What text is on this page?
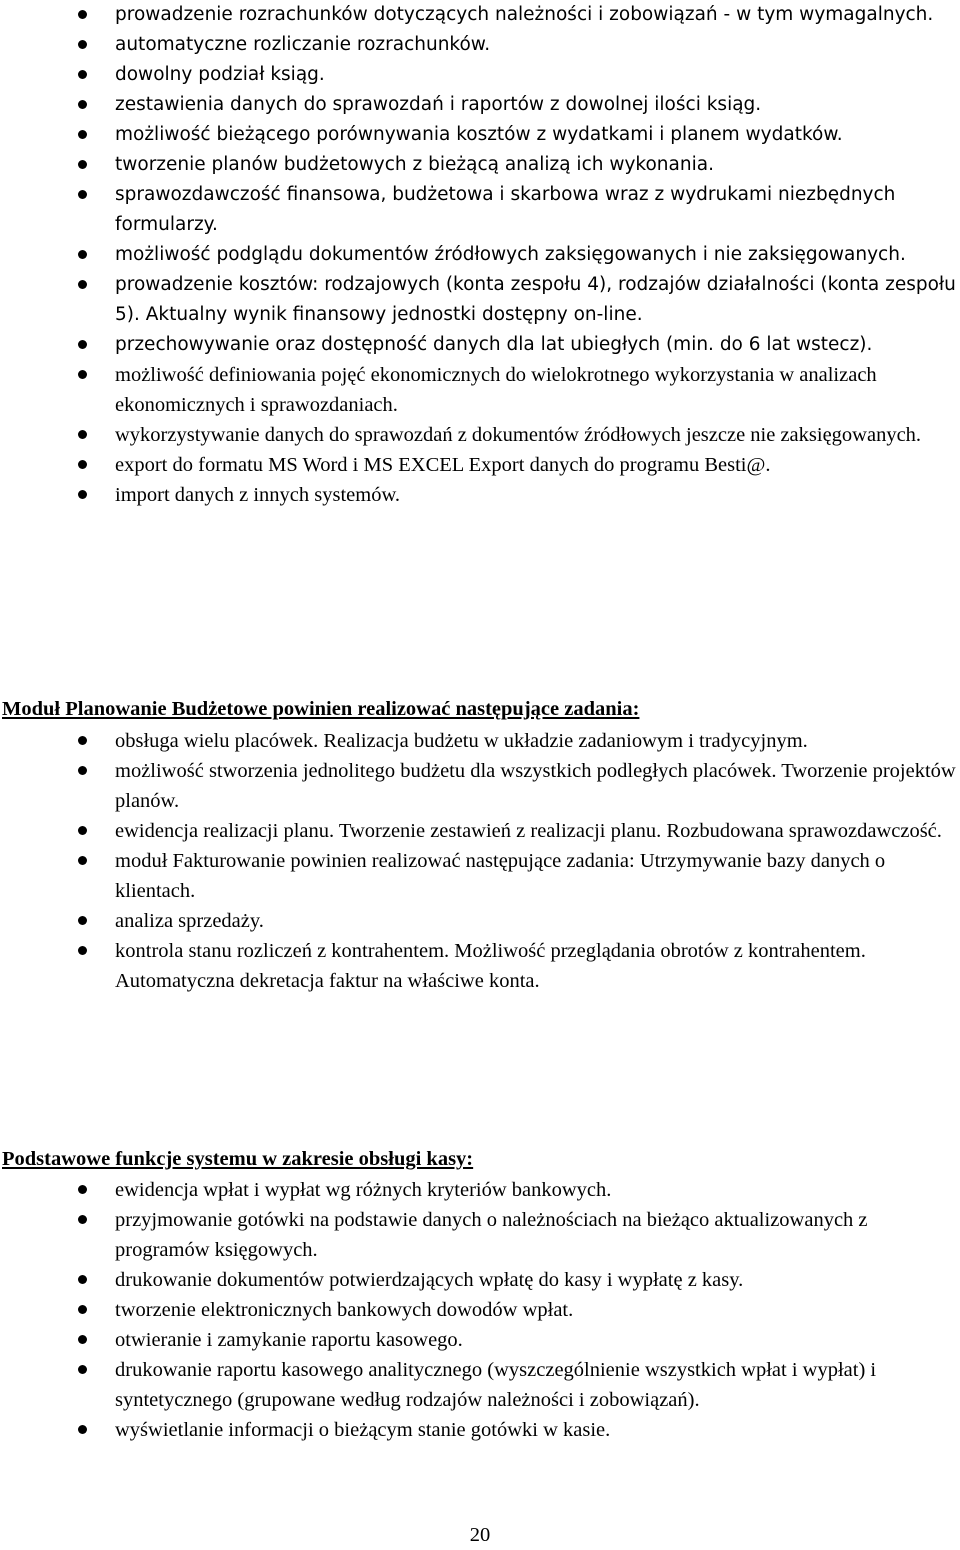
prowadzenie rozrachunków dotyczących należności i zobowiązań - w tym wymagalnych.
automatyczne rozliczanie rozrachunków.
dowolny podział ksiąg.
zestawienia danych do sprawozdań i raportów z dowolnej ilości ksiąg.
możliwość bieżącego porównywania kosztów z wydatkami i planem wydatków.
tworzenie planów budżetowych z bieżącą analizą ich wykonania.
sprawozdawczość finansowa, budżetowa i skarbowa wraz z wydrukami niezbędnych formularzy.
możliwość podglądu dokumentów źródłowych zaksięgowanych i nie zaksięgowanych.
prowadzenie kosztów: rodzajowych (konta zespołu 4), rodzajów działalności (konta zespołu 5). Aktualny wynik finansowy jednostki dostępny on-line.
przechowywanie oraz dostępność danych dla lat ubiegłych (min. do 6 lat wstecz).
możliwość definiowania pojęć ekonomicznych do wielokrotnego wykorzystania w analizach ekonomicznych i sprawozdaniach.
wykorzystywanie danych do sprawozdań z dokumentów źródłowych jeszcze nie zaksięgowanych.
export do formatu MS Word i MS EXCEL Export danych do programu Besti@.
import danych z innych systemów.
Moduł Planowanie Budżetowe powinien realizować następujące zadania:
obsługa wielu placówek. Realizacja budżetu w układzie zadaniowym i tradycyjnym.
możliwość stworzenia jednolitego budżetu dla wszystkich podległych placówek. Tworzenie projektów planów.
ewidencja realizacji planu. Tworzenie zestawień z realizacji planu. Rozbudowana sprawozdawczość.
moduł Fakturowanie powinien realizować następujące zadania: Utrzymywanie bazy danych o klientach.
analiza sprzedaży.
kontrola stanu rozliczeń z kontrahentem. Możliwość przeglądania obrotów z kontrahentem. Automatyczna dekretacja faktur na właściwe konta.
Podstawowe funkcje systemu w zakresie obsługi kasy:
ewidencja wpłat i wypłat wg różnych kryteriów bankowych.
przyjmowanie gotówki na podstawie danych o należnościach na bieżąco aktualizowanych z programów księgowych.
drukowanie dokumentów potwierdzających wpłatę do kasy i wypłatę z kasy.
tworzenie elektronicznych bankowych dowodów wpłat.
otwieranie i zamykanie raportu kasowego.
drukowanie raportu kasowego analitycznego (wyszczególnienie wszystkich wpłat i wypłat) i syntetycznego (grupowane według rodzajów należności i zobowiązań).
wyświetlanie informacji o bieżącym stanie gotówki w kasie.
20
